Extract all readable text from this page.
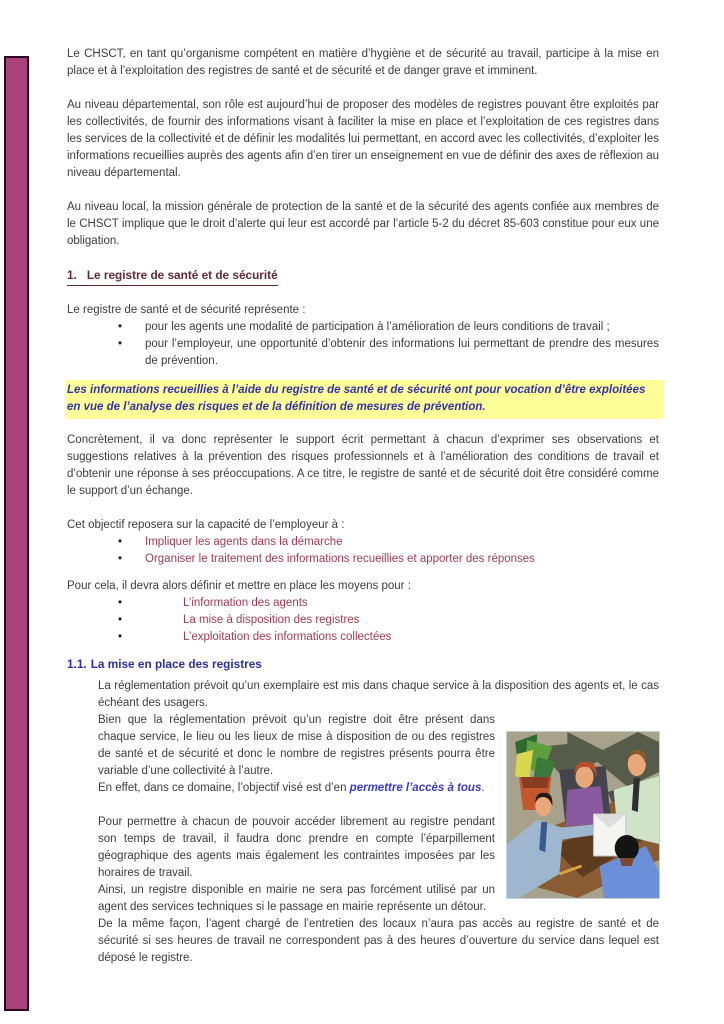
Le CHSCT, en tant qu’organisme compétent en matière d’hygiène et de sécurité au travail, participe à la mise en place et à l’exploitation des registres de santé et de sécurité et de danger grave et imminent.

Au niveau départemental, son rôle est aujourd’hui de proposer des modèles de registres pouvant être exploités par les collectivités, de fournir des informations visant à faciliter la mise en place et l’exploitation de ces registres dans les services de la collectivité et de définir les modalités lui permettant, en accord avec les collectivités, d’exploiter les informations recueillies auprès des agents afin d’en tirer un enseignement en vue de définir des axes de réflexion au niveau départemental.

Au niveau local, la mission générale de protection de la santé et de la sécurité des agents confiée aux membres de le CHSCT implique que le droit d’alerte qui leur est accordé par l’article 5-2 du décret 85-603 constitue pour eux une obligation.

1. Le registre de santé et de sécurité

Le registre de santé et de sécurité représente :

•	pour les agents une modalité de participation à l’amélioration de leurs conditions de travail ;
•	pour l’employeur, une opportunité d’obtenir des informations lui permettant de prendre des mesures de prévention.
Les informations recueillies à l’aide du registre de santé et de sécurité ont pour vocation d’être exploitées en vue de l’analyse des risques et de la définition de mesures de prévention.

Concrètement, il va donc représenter le support écrit permettant à chacun d’exprimer ses observations et suggestions relatives à la prévention des risques professionnels et à l’amélioration des conditions de travail et d’obtenir une réponse à ses préoccupations. A ce titre, le registre de santé et de sécurité doit être considéré comme le support d’un échange.

Cet objectif reposera sur la capacité de l’employeur à :

•	Impliquer les agents dans la démarche
•	Organiser le traitement des informations recueillies et apporter des réponses

Pour cela, il devra alors définir et mettre en place les moyens pour :

•	L’information des agents
•	La mise à disposition des registres
•	L’exploitation des informations collectées
1.1. La mise en place des registres

La réglementation prévoit qu’un exemplaire est mis dans chaque service à la disposition des agents et, le cas échéant des usagers.

Bien que la réglementation prévoit qu’un registre doit être présent dans chaque service, le lieu ou les lieux de mise à disposition de ou des registres de santé et de sécurité et donc le nombre de registres présents pourra être variable d’une collectivité à l’autre.

En effet, dans ce domaine, l’objectif visé est d’en permettre l’accès à tous.

Pour permettre à chacun de pouvoir accéder librement au registre pendant son temps de travail, il faudra donc prendre en compte l’éparpillement géographique des agents mais également les contraintes imposées par les horaires de travail.

Ainsi, un registre disponible en mairie ne sera pas forcément utilisé par un agent des services techniques si le passage en mairie représente un détour.

De la même façon, l’agent chargé de l’entretien des locaux n’aura pas accès au registre de santé et de sécurité si ses heures de travail ne correspondent pas à des heures d’ouverture du service dans lequel est déposé le registre.
